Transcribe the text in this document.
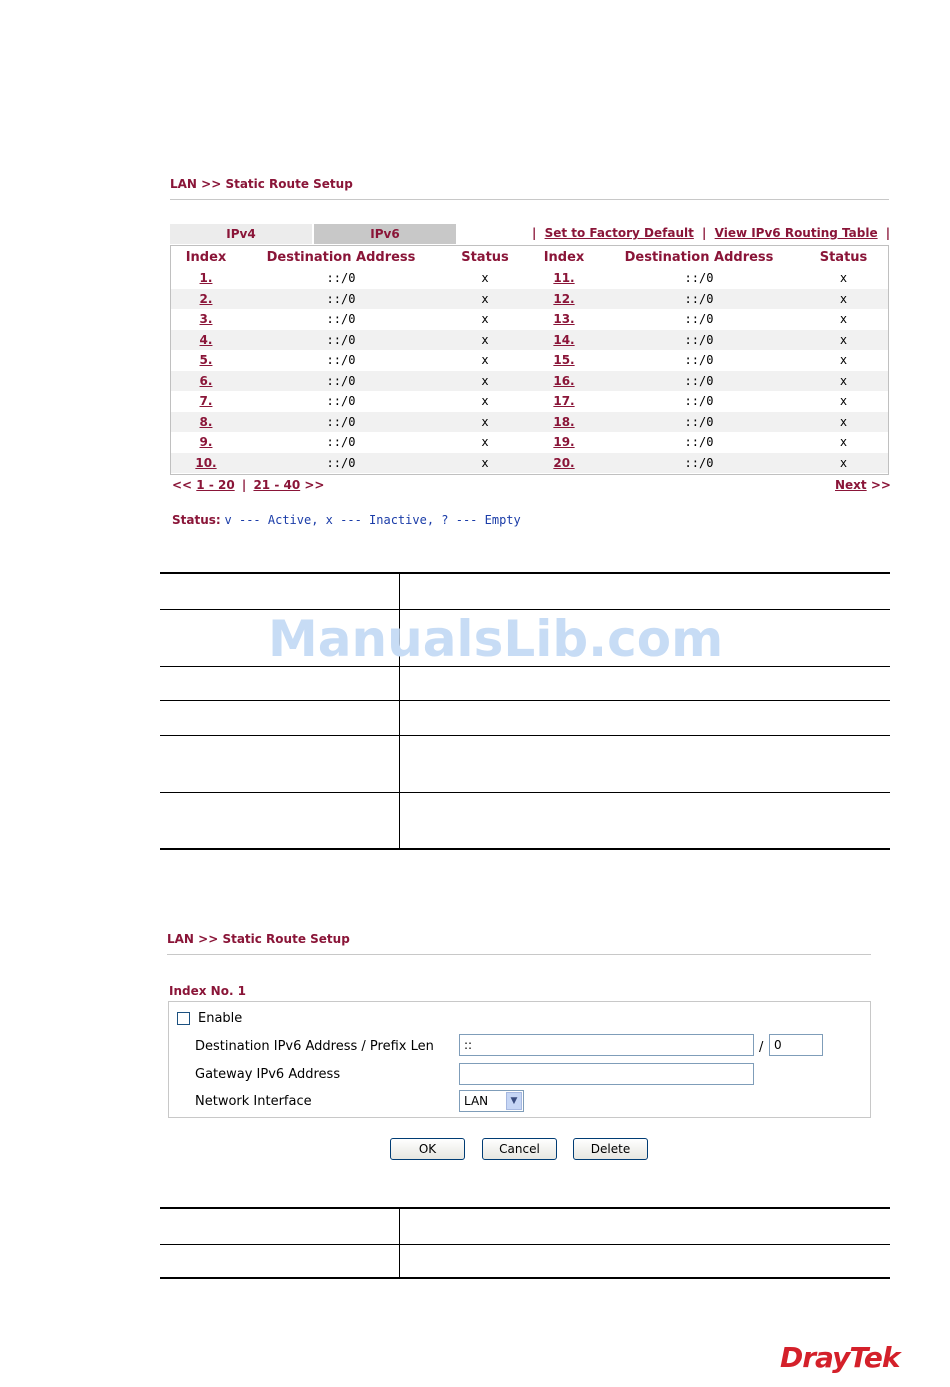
LAN >> Static Route Setup
IPv4	IPv6	| Set to Factory Default | View IPv6 Routing Table |
Index	Destination Address	Status	Index	Destination Address	Status
1.	::/0	x	11.	::/0	x
2.	::/0	x	12.	::/0	x
3.	::/0	x	13.	::/0	x
4.	::/0	x	14.	::/0	x
5.	::/0	x	15.	::/0	x
6.	::/0	x	16.	::/0	x
7.	::/0	x	17.	::/0	x
8.	::/0	x	18.	::/0	x
9.	::/0	x	19.	::/0	x
10.	::/0	x	20.	::/0	x
<< 1 - 20 | 21 - 40 >>	Next >>
Status: v --- Active, x --- Inactive, ? --- Empty

ManualsLib.com
LAN >> Static Route Setup
Index No. 1
Enable
Destination IPv6 Address / Prefix Len	::	/ 0
Gateway IPv6 Address
Network Interface	LAN	▼
OK	Cancel	Delete

DrayTek
